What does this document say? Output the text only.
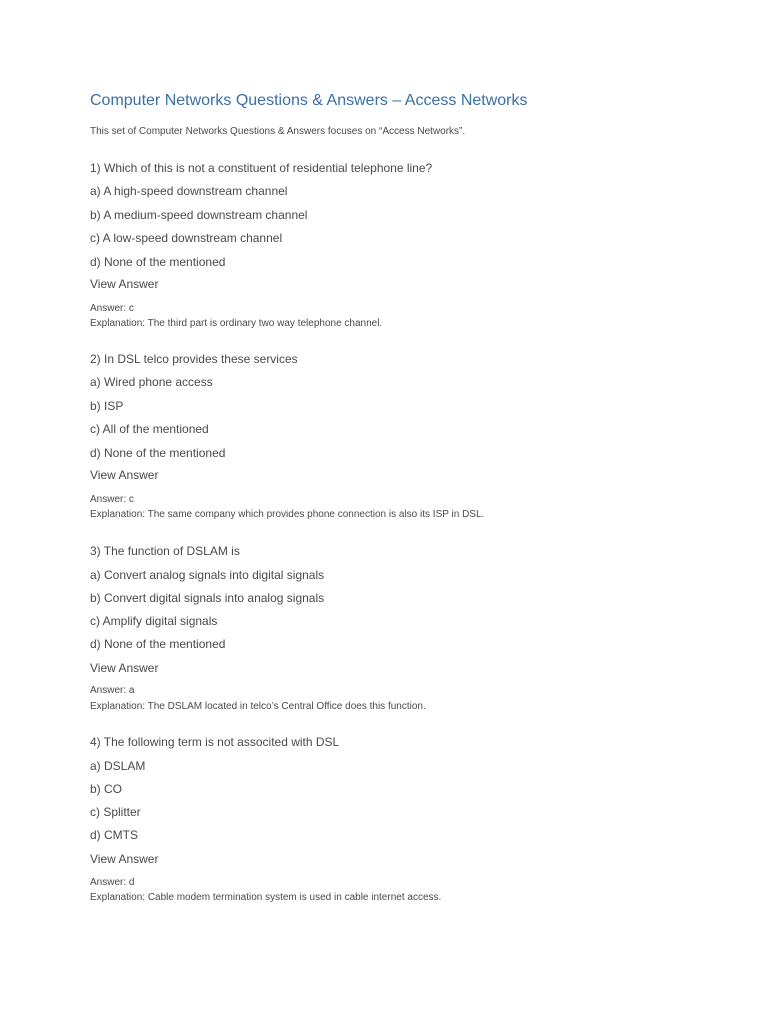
Computer Networks Questions & Answers – Access Networks
This set of Computer Networks Questions & Answers focuses on “Access Networks”.
1) Which of this is not a constituent of residential telephone line?
a) A high-speed downstream channel
b) A medium-speed downstream channel
c) A low-speed downstream channel
d) None of the mentioned
View Answer
Answer: c
Explanation: The third part is ordinary two way telephone channel.
2) In DSL telco provides these services
a) Wired phone access
b) ISP
c) All of the mentioned
d) None of the mentioned
View Answer
Answer: c
Explanation: The same company which provides phone connection is also its ISP in DSL.
3) The function of DSLAM is
a) Convert analog signals into digital signals
b) Convert digital signals into analog signals
c) Amplify digital signals
d) None of the mentioned
View Answer
Answer: a
Explanation: The DSLAM located in telco’s Central Office does this function.
4) The following term is not associted with DSL
a) DSLAM
b) CO
c) Splitter
d) CMTS
View Answer
Answer: d
Explanation: Cable modem termination system is used in cable internet access.
